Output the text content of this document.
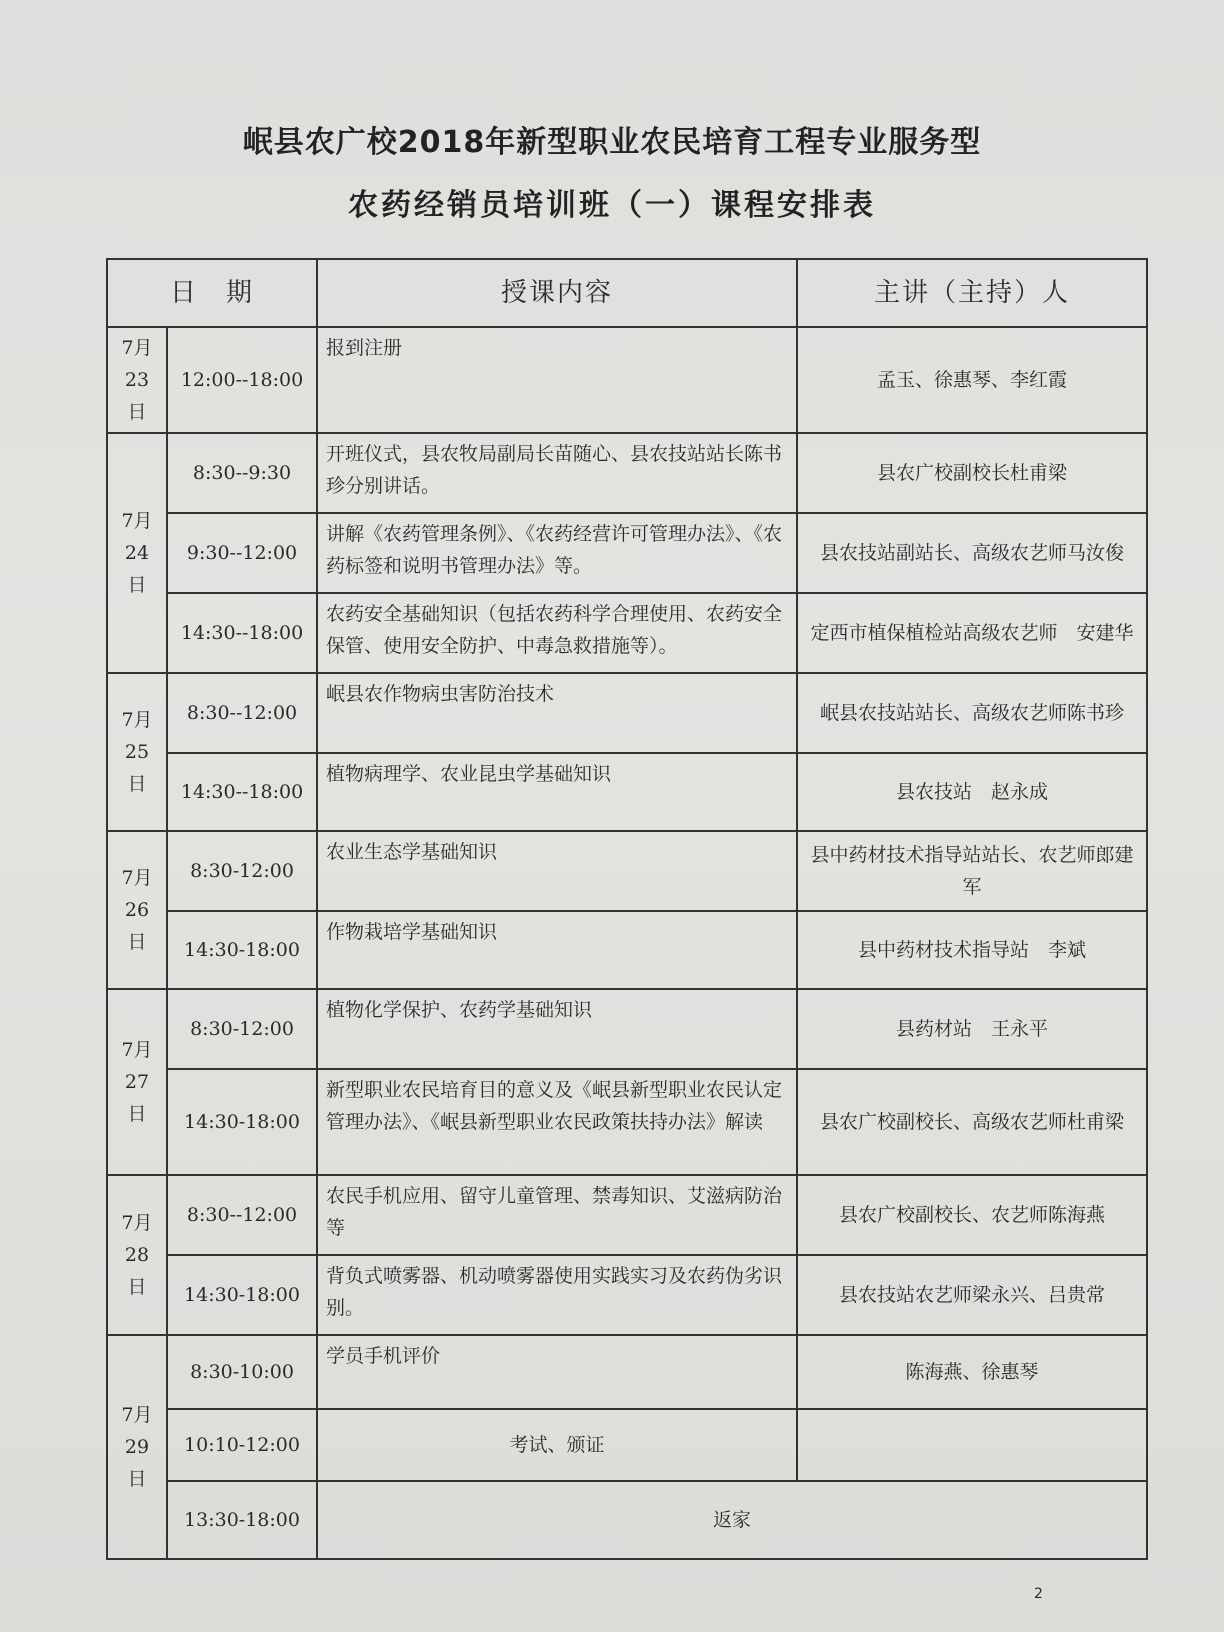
岷县农广校2018年新型职业农民培育工程专业服务型
农药经销员培训班（一）课程安排表
日　期		授课内容	主讲（主持）人
7月
23日	12:00--18:00	报到注册	孟玉、徐惠琴、李红霞
7月
24日	8:30--9:30	开班仪式，县农牧局副局长苗随心、县农技站站长陈书珍分别讲话。	县农广校副校长杜甫梁
	9:30--12:00	讲解《农药管理条例》、《农药经营许可管理办法》、《农药标签和说明书管理办法》等。	县农技站副站长、高级农艺师马汝俊
	14:30--18:00	农药安全基础知识（包括农药科学合理使用、农药安全保管、使用安全防护、中毒急救措施等）。	定西市植保植检站高级农艺师　安建华
7月
25日	8:30--12:00	岷县农作物病虫害防治技术	岷县农技站站长、高级农艺师陈书珍
	14:30--18:00	植物病理学、农业昆虫学基础知识	县农技站　赵永成
7月
26日	8:30-12:00	农业生态学基础知识	县中药材技术指导站站长、农艺师郎建军
	14:30-18:00	作物栽培学基础知识	县中药材技术指导站　李斌
7月
27日	8:30-12:00	植物化学保护、农药学基础知识	县药材站　王永平
	14:30-18:00	新型职业农民培育目的意义及《岷县新型职业农民认定管理办法》、《岷县新型职业农民政策扶持办法》解读	县农广校副校长、高级农艺师杜甫梁
7月
28日	8:30--12:00	农民手机应用、留守儿童管理、禁毒知识、艾滋病防治等	县农广校副校长、农艺师陈海燕
	14:30-18:00	背负式喷雾器、机动喷雾器使用实践实习及农药伪劣识别。	县农技站农艺师梁永兴、吕贵常
7月
29日	8:30-10:00	学员手机评价	陈海燕、徐惠琴
	10:10-12:00	考试、颁证	
	13:30-18:00	返家	
2
